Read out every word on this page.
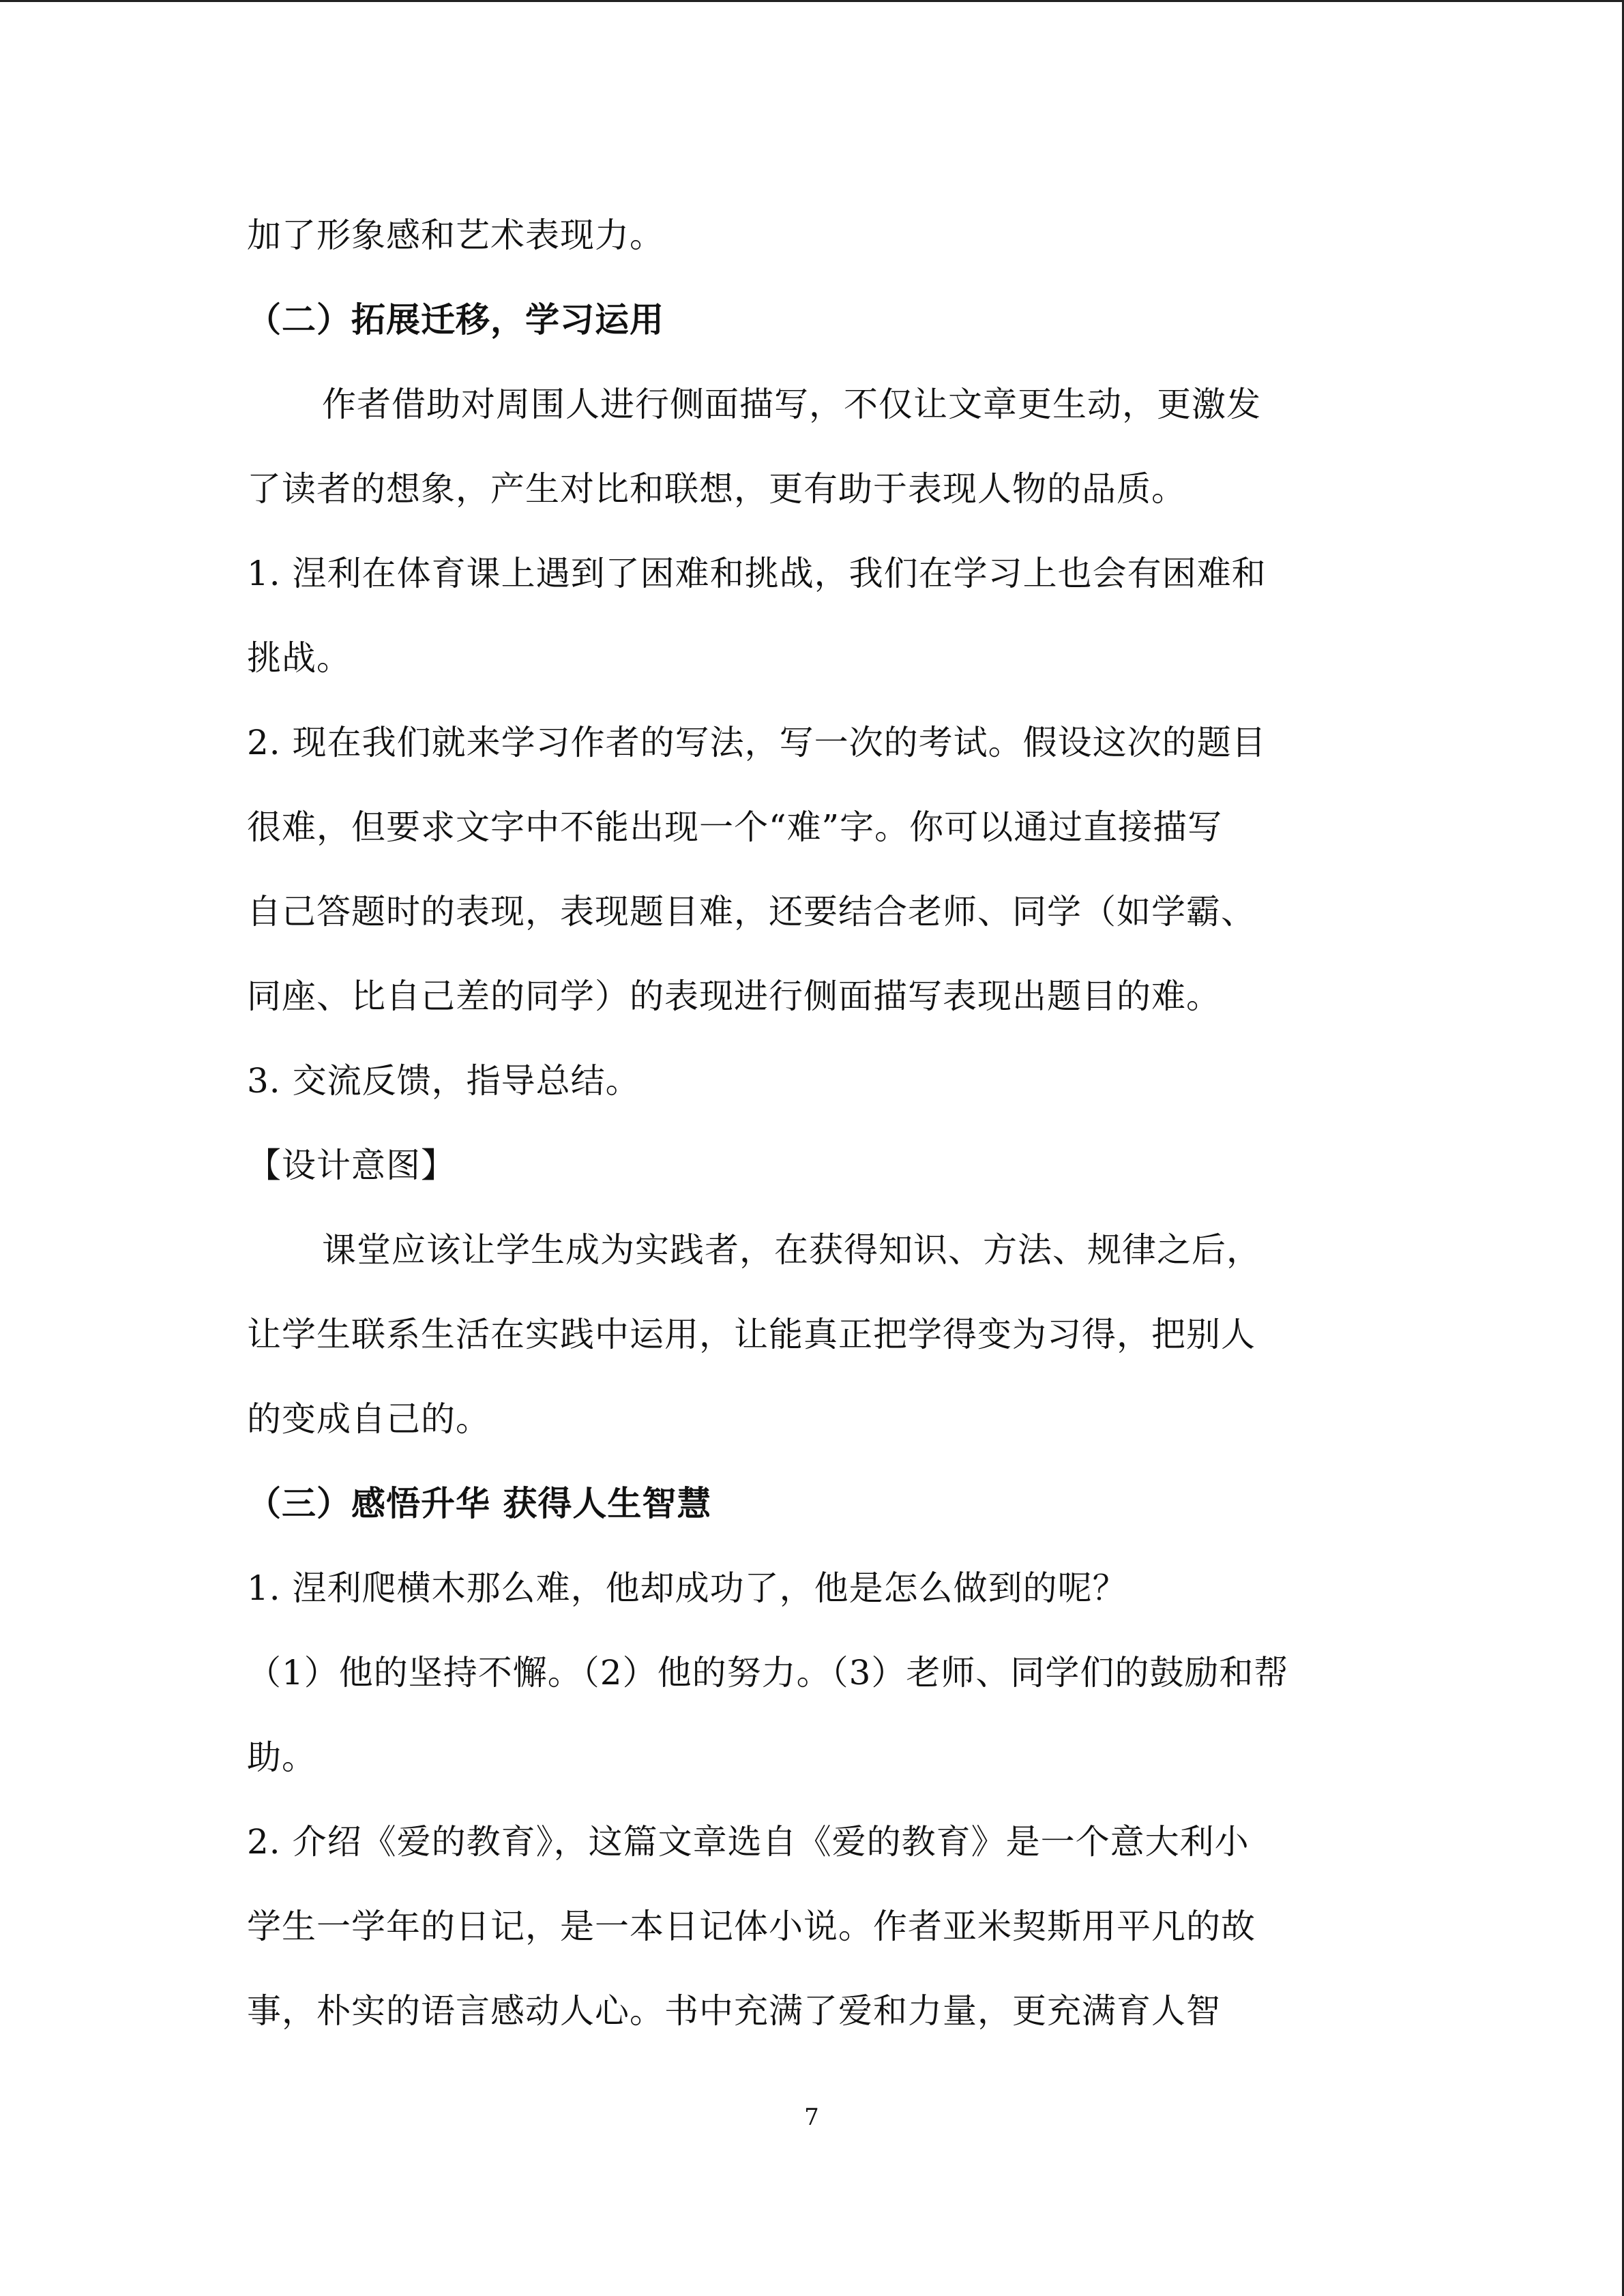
加了形象感和艺术表现力。
（二）拓展迁移，学习运用
作者借助对周围人进行侧面描写，不仅让文章更生动，更激发
了读者的想象，产生对比和联想，更有助于表现人物的品质。
1. 涅利在体育课上遇到了困难和挑战，我们在学习上也会有困难和
挑战。
2. 现在我们就来学习作者的写法，写一次的考试。假设这次的题目
很难，但要求文字中不能出现一个“难”字。你可以通过直接描写
自己答题时的表现，表现题目难，还要结合老师、同学（如学霸、
同座、比自己差的同学）的表现进行侧面描写表现出题目的难。
3. 交流反馈，指导总结。
【设计意图】
课堂应该让学生成为实践者，在获得知识、方法、规律之后，
让学生联系生活在实践中运用，让能真正把学得变为习得，把别人
的变成自己的。
（三）感悟升华 获得人生智慧
1. 涅利爬横木那么难，他却成功了，他是怎么做到的呢？
（1）他的坚持不懈。（2）他的努力。（3）老师、同学们的鼓励和帮
助。
2. 介绍《爱的教育》，这篇文章选自《爱的教育》是一个意大利小
学生一学年的日记，是一本日记体小说。作者亚米契斯用平凡的故
事，朴实的语言感动人心。书中充满了爱和力量，更充满育人智
7
